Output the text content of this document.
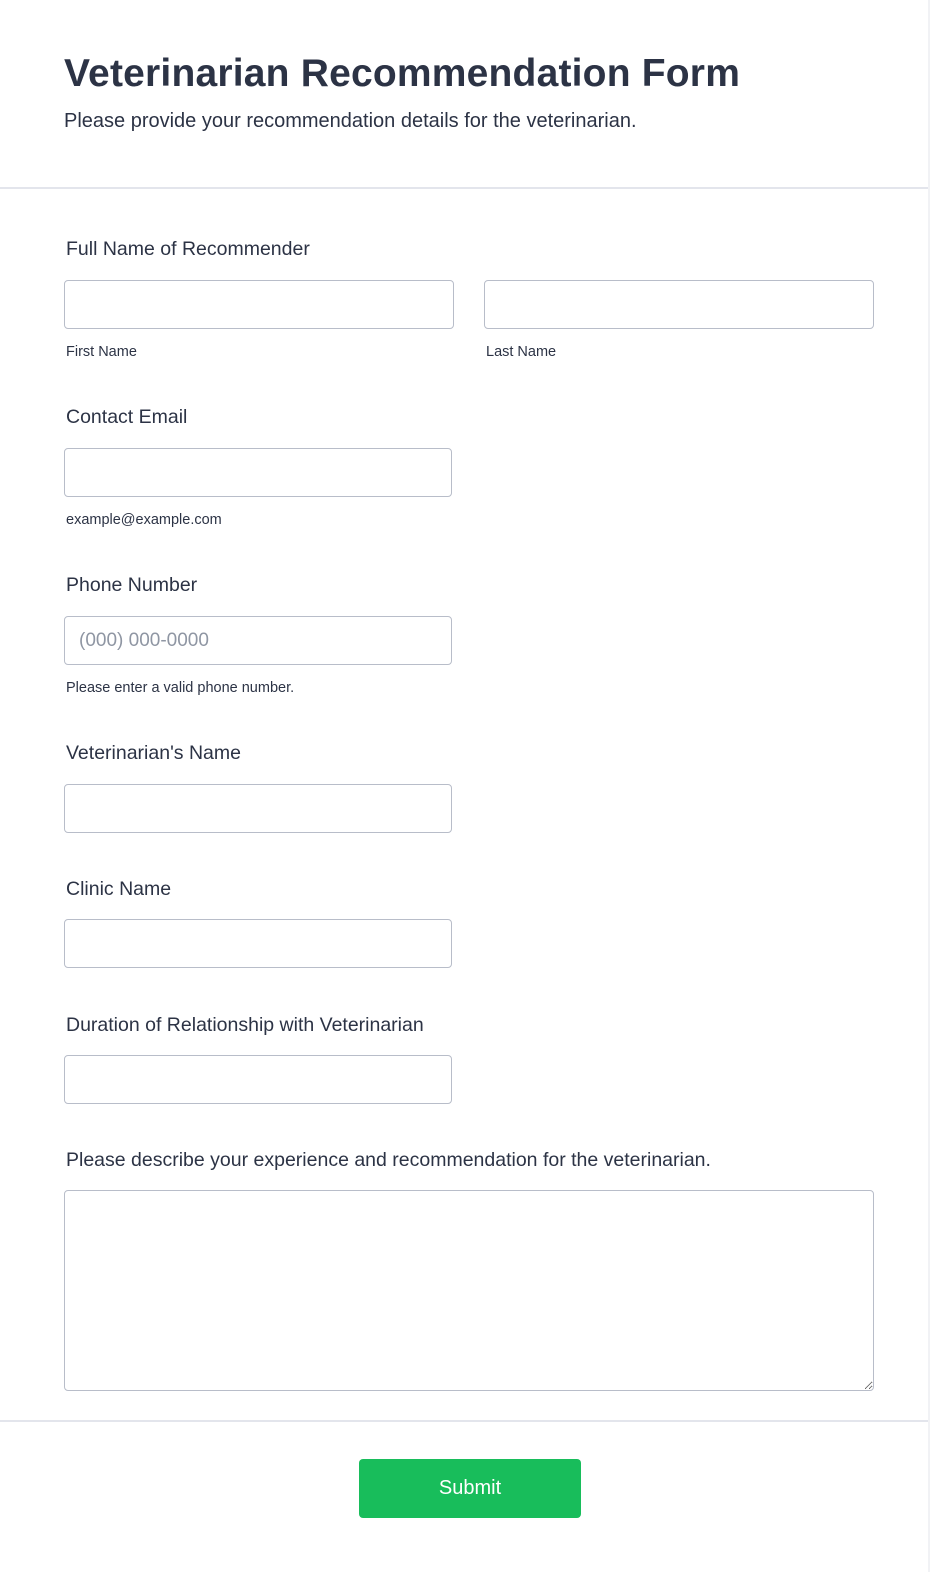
Veterinarian Recommendation Form

Please provide your recommendation details for the veterinarian.

Full Name of Recommender
First Name	Last Name
Contact Email
example@example.com
Phone Number
(000) 000-0000
Please enter a valid phone number.
Veterinarian's Name
Clinic Name
Duration of Relationship with Veterinarian
Please describe your experience and recommendation for the veterinarian.
Submit
